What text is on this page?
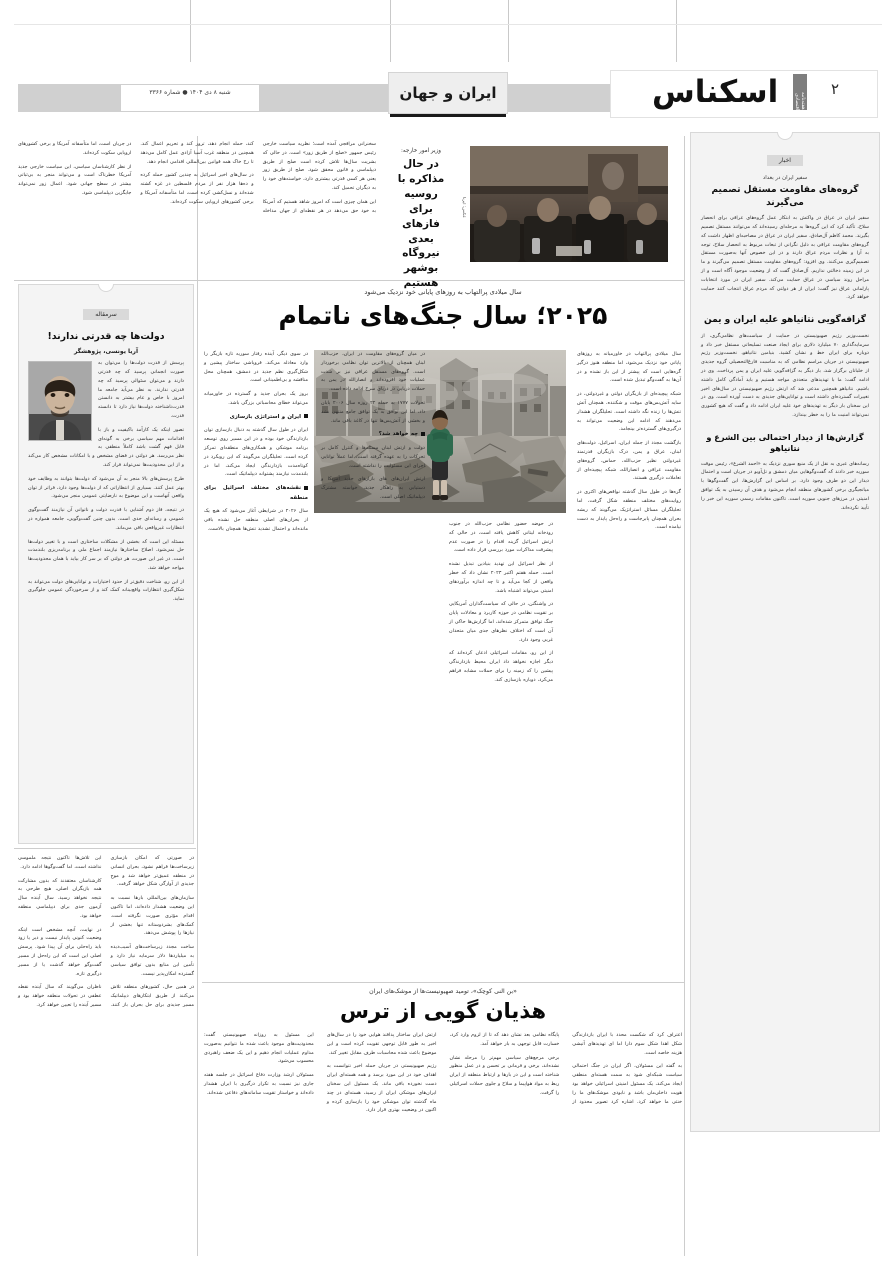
شنبه ۸ دی ۱۴۰۴ ● شماره ۳۳۶۶	ایران و جهان	اسکناس	هفته‌نامه اقتصادی
۲

سخنرانی مرافجی آمده است؛ نظریه سیاست خارجی رئیس جمهور «صلح از طریق زور» است. در حالی که بشریت سال‌ها تلاش کرده است صلح از طریق دیپلماسی و قانون محقق شود. صلح از طریق زور یعنی هر کسی قدرتی بیشتری دارد، خواسته‌های خود را به دیگران تحمیل کند.

این همان چیزی است که امروز شاهد هستیم که آمریکا به خود حق می‌دهد در هر نقطه‌ای از جهان مداخله کند، حمله انجام دهد، ترور کند و تحریم اعمال کند. همچنین در منطقه غرب آسیا آزادی عمل کامل می‌دهد تا رخ خاک همه قوانین بین‌المللی اقدامی انجام دهد.

در سال‌های اخیر اسرائیل به چندین کشور حمله کرده و ده‌ها هزار نفر از مردم فلسطین در غزه کشته شده‌اند و نسل‌کشی کرده است، اما متأسفانه آمریکا و برخی کشورهای اروپایی سکوت کرده‌اند.

در جریان است، اما متأسفانه آمریکا و برخی کشورهای اروپایی سکوت کرده‌اند.

از نظر کارشناسان سیاسی، این سیاست خارجی جدید آمریکا خطرناک است و می‌تواند منجر به بی‌ثباتی بیشتر در سطح جهانی شود. اعمال زور نمی‌تواند جایگزین دیپلماسی شود.

وزیر امور خارجه:
در حال مذاکره با روسیه برای فازهای بعدی نیروگاه بوشهر هستیم
عکس: ایرنا
اخبار
سفیر ایران در بغداد
گروه‌های مقاومت مستقل تصمیم می‌گیرند
سفیر ایران در عراق در واکنش به ابتکار عمل گروه‌های عراقی برای انحصار سلاح، تأکید کرد که این گروه‌ها به مرحله‌ای رسیده‌اند که می‌توانند مستقل تصمیم بگیرند. محمد کاظم آل‌صادق، سفیر ایران در عراق در مصاحبه‌ای اظهار داشت که گروه‌های مقاومت عراقی به دلیل نگرانی از تبعات مربوط به انحصار سلاح، توجه به آرا و نظرات مردم عراق دارند و در این خصوص آنها به‌صورت مستقل تصمیم‌گیری می‌کنند. وی افزود: گروه‌های مقاومت مستقل تصمیم می‌گیرند و ما در این زمینه دخالتی نداریم. آل‌صادق گفت که از وضعیت موجود آگاه است و از مراحل روند سیاسی در عراق حمایت می‌کند. سفیر ایران در مورد انتخابات پارلمانی عراق نیز گفت: ایران از هر دولتی که مردم عراق انتخاب کنند حمایت خواهد کرد.
گزافه‌گویی نتانیاهو علیه ایران و یمن
نخست‌وزیر رژیم صهیونیستی در حمایت از سیاست‌های نظامی‌گری، از سرمایه‌گذاری ۷۰ میلیارد دلاری برای ایجاد صنعت تسلیحاتی مستقل خبر داد و دوباره برای ایران خط و نشان کشید. بنیامین نتانیاهو، نخست‌وزیر رژیم صهیونیستی در جریان مراسم نظامی که به مناسبت فارغ‌التحصیلی گروه جدیدی از خلبانان برگزار شد، بار دیگر به گزافه‌گویی علیه ایران و یمن پرداخت. وی در ادامه گفت: ما با تهدیدهای متعددی مواجه هستیم و باید آمادگی کامل داشته باشیم. نتانیاهو همچنین مدعی شد که ارتش رژیم صهیونیستی در سال‌های اخیر تغییرات گسترده‌ای داشته است و توانایی‌های جدیدی به دست آورده است. وی در این سخنان بار دیگر به تهدیدهای خود علیه ایران ادامه داد و گفت که هیچ کشوری نمی‌تواند امنیت ما را به خطر بیندازد.
گزارش‌ها از دیدار احتمالی بین الشرع و نتانیاهو
رسانه‌های عبری به نقل از یک منبع سوری نزدیک به «احمد الشرع»، رئیس موقت سوریه خبر دادند که گفت‌وگوهایی میان دمشق و تل‌آویو در جریان است و احتمال دیدار این دو طرف وجود دارد. بر اساس این گزارش‌ها، این گفت‌وگوها با میانجیگری برخی کشورهای منطقه انجام می‌شود و هدف آن رسیدن به یک توافق امنیتی در مرزهای جنوبی سوریه است. تاکنون مقامات رسمی سوریه این خبر را تأیید نکرده‌اند.
سرمقاله
دولت‌ها چه قدرتی ندارند!
آریا یونسی، پژوهشگر

پرسش از قدرت دولت‌ها را می‌توان به صورت انجمانی پرسید که چه قدرتی دارند و می‌توان سئوالی پرسید که چه قدرتی ندارند. به نظر می‌آید جامعه ما امروز با خاص و عام بیشتر به دانستن قدرت‌ناشناخته دولت‌ها نیاز دارد تا دانسته قدرت.

تصور اینکه یک کارآمد باکیفیت و باز با اقدامات مهم سیاسی برخی به گونه‌ای قابل فهم گشت باشد کاملاً منطقی به نظر می‌رسد. هر دولتی در فضای مشخص و با امکانات مشخص کار می‌کند و از این محدودیت‌ها نمی‌تواند فرار کند.

طرح پرسش‌های بالا منجر به آن می‌شود که دولت‌ها بتوانند به وظایف خود بهتر عمل کنند. بسیاری از انتظاراتی که از دولت‌ها وجود دارد، فراتر از توان واقعی آنهاست و این موضوع به نارضایتی عمومی منجر می‌شود.

در نتیجه، فاز دوم آشنایی با قدرت دولت و ناتوانی آن نیازمند گفت‌وگوی عمومی و رسانه‌ای جدی است. بدون چنین گفت‌وگویی، جامعه همواره در انتظارات غیرواقعی باقی می‌ماند.

مسئله این است که بخشی از مشکلات ساختاری است و با تغییر دولت‌ها حل نمی‌شود. اصلاح ساختارها نیازمند اجماع ملی و برنامه‌ریزی بلندمدت است. در غیر این صورت، هر دولتی که بر سر کار بیاید با همان محدودیت‌ها مواجه خواهد شد.

از این رو، شناخت دقیق‌تر از حدود اختیارات و توانایی‌های دولت می‌تواند به شکل‌گیری انتظارات واقع‌بینانه کمک کند و از سرخوردگی عمومی جلوگیری نماید.

سال میلادی پرالتهاب به روزهای پایانی خود نزدیک می‌شود
۲۰۲۵؛ سال جنگ‌های ناتمام

سال میلادی پرالتهاب در خاورمیانه به روزهای پایانی خود نزدیک می‌شود، اما منطقه هنوز درگیر گره‌هایی است که پیشتر از این باز نشده و در آن‌ها به گفت‌وگو تبدیل شده است.

شبکه پیچیده‌ای از بازیگران دولتی و غیردولتی، در سایه آتش‌بس‌های موقت و شکننده، همچنان آتش تنش‌ها را زنده نگه داشته است. تحلیلگران هشدار می‌دهند که ادامه این وضعیت می‌تواند به درگیری‌های گسترده‌تر بینجامد.

بازگشت مجدد از جمله ایران، اسرائیل، دولت‌های لبنان، عراق و یمن، درک بازیگران قدرتمند غیردولتی نظیر حزب‌الله، حماس، گروه‌های مقاومت عراقی و انصارالله، شبکه پیچیده‌ای از تعاملات درگیری هستند.

گره‌ها در طول سال گذشته نواقص‌های اکثری در روایت‌های مختلف منطقه شکل گرفت، اما تحلیلگران مسائل استراتژیک می‌گویند که ریشه بحران همچنان پابرجاست و راه‌حل پایدار به دست نیامده است.

در حوضه حضور نظامی حزب‌الله در جنوب رودخانه لیتانی کاهش یافته است، در حالی که ارتش اسرائیل گزینه اقدام را در صورت عدم پیشرفت مذاکرات مورد بررسی قرار داده است.

از نظر اسرائیل این تهدید بنیادین تبدیل نشده است. حمله هفتم اکتبر ۲۰۲۳ نشان داد که خطر واقعی از کجا می‌آید و تا چه اندازه برآوردهای امنیتی می‌تواند اشتباه باشد.

در واشنگتن، در حالی که سیاست‌گذاران آمریکایی بر تقویت نظامی در حوزه کاربرد و معادلات پایان جنگ توافق متمرکز شده‌اند، اما گزارش‌ها حاکی از آن است که اختلاف نظرهای جدی میان متحدان غربی وجود دارد.

از این رو، مقامات اسرائیلی اذعان کرده‌اند که دیگر اجازه نخواهد داد ایران محیط بازدارندگی پیشین را که زمینه را برای حملات مشابه فراهم می‌کرد، دوباره بازسازی کند.

در میان گروه‌های مقاومت در ایران، حزب‌الله لبنان همچنان از بالاترین توان نظامی برخوردار است. گروه‌های مستقل عراقی نیز بر شدت عملیات خود افزوده‌اند و انصارالله در یمن به حملات دریایی در دریای سرخ ادامه داده است.

تحولات ۱۷۷۷ به حمله ۲۲ روزه سال ۲۰۰۶ پایان داد، اما این توافق به یک توافق جامع منتهی نشد و بخشی از آتش‌بس‌ها تنها در کاغذ باقی ماند.

چه خواهد شد؟

دولت و ارتش لبنان مسئله‌ها و کنترل کامل بر تحرکات را به عهده گرفته است، اما عملاً توانایی اجرای این مسئولیت را نداشته است.

ارتش ایران‌های های بازارهای جدید آمریکا و دستیابی به راهکار جدید، خواسته مشترک دیپلماتیک اصلی است.

در سوی دیگر، آینده رفتار سوریه تازه بازیگر را وارد معادله می‌کند. فروپاشی ساختار پیشین و شکل‌گیری نظم جدید در دمشق، همچنان محل مناقشه و بی‌اطمینانی است.

بروز یک بحران جدید و گسترده در خاورمیانه می‌تواند خطای محاسباتی بزرگی باشد.

ایران و استراتژی بازسازی

ایران در طول سال گذشته به دنبال بازسازی توان بازدارندگی خود بوده و در این مسیر روی توسعه برنامه موشکی و همکاری‌های منطقه‌ای تمرکز کرده است. تحلیلگران می‌گویند که این رویکرد در کوتاه‌مدت بازدارندگی ایجاد می‌کند، اما در بلندمدت نیازمند پشتوانه دیپلماتیک است.

نقشه‌های مختلف اسرائیل برای منطقه

سال ۲۰۲۶ در شرایطی آغاز می‌شود که هیچ یک از بحران‌های اصلی منطقه حل نشده باقی مانده‌اند و احتمال تشدید تنش‌ها همچنان بالاست.

«بن النی کوچک»، تومید صهیونیست‌ها از موشک‌های ایران
هذیان گویی از ترس

اعتراف کرد که شکست محدد با ایران بازدارندگی شکل اهدا شکل سوم دارا اما ای تهدیدهای آتیشی هزینه خاصه است.

به گفته این مسئولان، اگر ایران در جنگ احتمالی سیاست شبکه‌ای شود به سمت هسته‌ای منطقی ایجاد می‌کند، یک مسئول امنیتی اسرائیلی خواهد بود هویت داخلی‌مان باشد و نابودی موشک‌های ما را خنثی ما خواهد کرد. اشاره کرد تصویر محدود از پایگاه نظامی بعد نشان دهد که تا از لزوم وارد کرد، خسارت قابل توجهی به بار خواهد آمد.

برخی مرجع‌های سیاسی مهم‌تر را مرحله نشان نشده‌اند، برخی و فرمانی بر تحسن و در عمل منظور شناخته است و این در بارها و ارتباط منطقه از ایران ربط به مواد هواپیما و سلاح و جلوی حملات اسرائیلی را گرفت.

ارتش ایران ساختار پدافند هوایی خود را در سال‌های اخیر به طور قابل توجهی تقویت کرده است و این موضوع باعث شده محاسبات طرف مقابل تغییر کند.

رژیم صهیونیستی در جریان حمله اخیر نتوانست به اهداف خود در این مورد برسد و همه هسته‌ای ایران دست نخورده باقی ماند. یک مسئول این سخنان ایران‌های موشکی ایران از رسید، هسته‌ای در چند ماه گذشته توان موشکی خود را بازسازی کرده و اکنون در وضعیت بهتری قرار دارد.

این مسئول به روزانه صهیونیستی گفت: محدودیت‌های موجود باعث شده ما نتوانیم به‌صورت مداوم عملیات انجام دهیم و این یک ضعف راهبردی محسوب می‌شود.

مسئولان ارشد وزارت دفاع اسرائیل در جلسه هفته جاری نیز نسبت به تکرار درگیری با ایران هشدار داده‌اند و خواستار تقویت سامانه‌های دفاعی شده‌اند.

در صورتی که امکان بازسازی زیرساخت‌ها فراهم نشود، بحران انسانی در منطقه عمیق‌تر خواهد شد و موج جدیدی از آوارگی شکل خواهد گرفت.

سازمان‌های بین‌المللی بارها نسبت به این وضعیت هشدار داده‌اند، اما تاکنون اقدام مؤثری صورت نگرفته است. کمک‌های بشردوستانه تنها بخشی از نیازها را پوشش می‌دهد.

ساخت مجدد زیرساخت‌های آسیب‌دیده به میلیاردها دلار سرمایه نیاز دارد و تأمین این منابع بدون توافق سیاسی گسترده امکان‌پذیر نیست.

در همین حال، کشورهای منطقه تلاش می‌کنند از طریق ابتکارهای دیپلماتیک مسیر جدیدی برای حل بحران باز کنند. این تلاش‌ها تاکنون نتیجه ملموسی نداشته است، اما گفت‌وگوها ادامه دارد.

کارشناسان معتقدند که بدون مشارکت همه بازیگران اصلی، هیچ طرحی به نتیجه نخواهد رسید. سال آینده سال آزمون جدی برای دیپلماسی منطقه خواهد بود.

در نهایت، آنچه مشخص است اینکه وضعیت کنونی پایدار نیست و دیر یا زود باید راه‌حلی برای آن پیدا شود. پرسش اصلی این است که این راه‌حل از مسیر گفت‌وگو خواهد گذشت یا از مسیر درگیری تازه.

ناظران می‌گویند که سال آینده نقطه عطفی در تحولات منطقه خواهد بود و مسیر آینده را تعیین خواهد کرد.
